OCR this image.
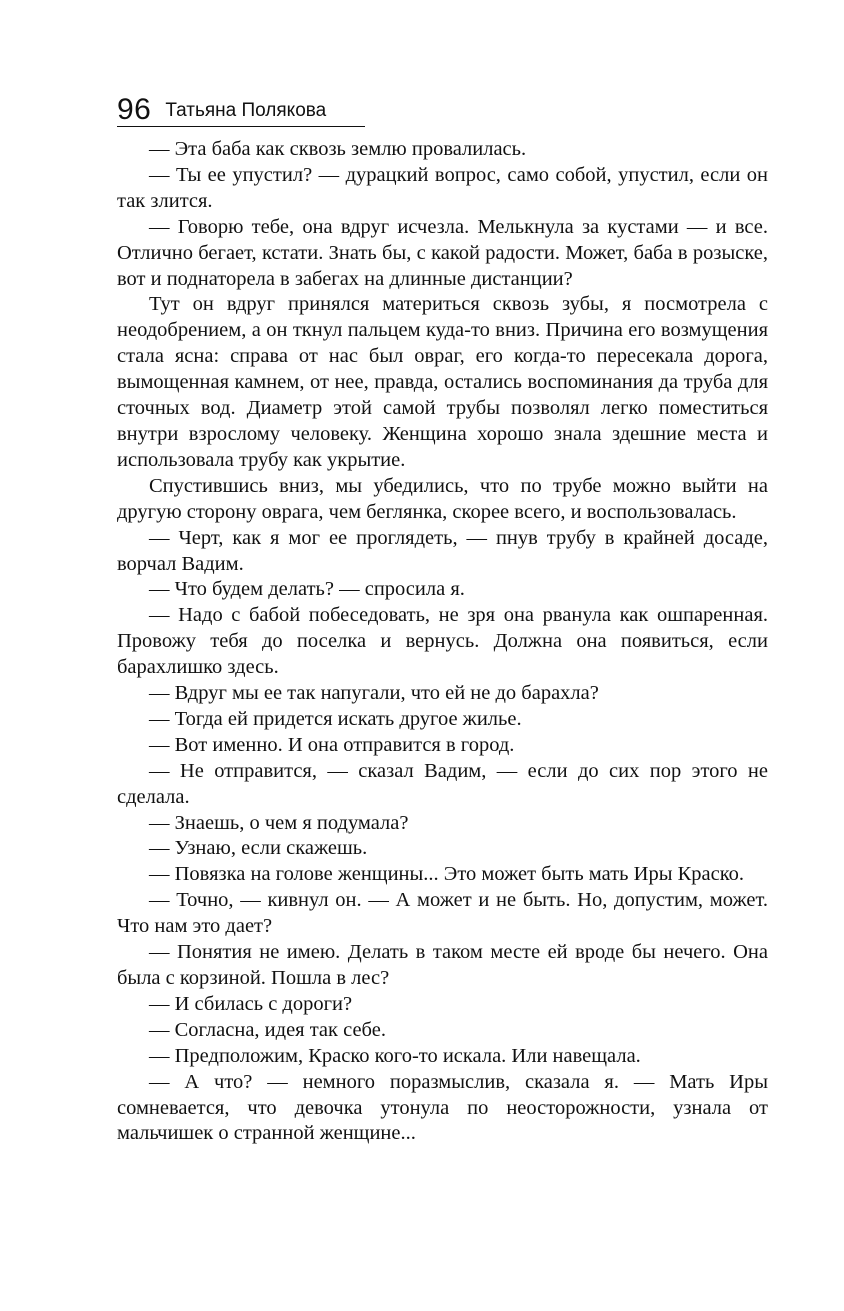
96 Татьяна Полякова

— Эта баба как сквозь землю провалилась.

— Ты ее упустил? — дурацкий вопрос, само собой, упустил, если он так злится.

— Говорю тебе, она вдруг исчезла. Мелькнула за кустами — и все. Отлично бегает, кстати. Знать бы, с какой радости. Может, баба в розыске, вот и поднаторела в забегах на длинные дистанции?

Тут он вдруг принялся материться сквозь зубы, я посмотрела с неодобрением, а он ткнул пальцем куда-то вниз. Причина его возмущения стала ясна: справа от нас был овраг, его когда-то пересекала дорога, вымощенная камнем, от нее, правда, остались воспоминания да труба для сточных вод. Диаметр этой самой трубы позволял легко поместиться внутри взрослому человеку. Женщина хорошо знала здешние места и использовала трубу как укрытие.

Спустившись вниз, мы убедились, что по трубе можно выйти на другую сторону оврага, чем беглянка, скорее всего, и воспользовалась.

— Черт, как я мог ее проглядеть, — пнув трубу в крайней досаде, ворчал Вадим.

— Что будем делать? — спросила я.

— Надо с бабой побеседовать, не зря она рванула как ошпаренная. Провожу тебя до поселка и вернусь. Должна она появиться, если барахлишко здесь.

— Вдруг мы ее так напугали, что ей не до барахла?

— Тогда ей придется искать другое жилье.

— Вот именно. И она отправится в город.

— Не отправится, — сказал Вадим, — если до сих пор этого не сделала.

— Знаешь, о чем я подумала?

— Узнаю, если скажешь.

— Повязка на голове женщины... Это может быть мать Иры Краско.

— Точно, — кивнул он. — А может и не быть. Но, допустим, может. Что нам это дает?

— Понятия не имею. Делать в таком месте ей вроде бы нечего. Она была с корзиной. Пошла в лес?

— И сбилась с дороги?

— Согласна, идея так себе.

— Предположим, Краско кого-то искала. Или навещала.

— А что? — немного поразмыслив, сказала я. — Мать Иры сомневается, что девочка утонула по неосторожности, узнала от мальчишек о странной женщине...
